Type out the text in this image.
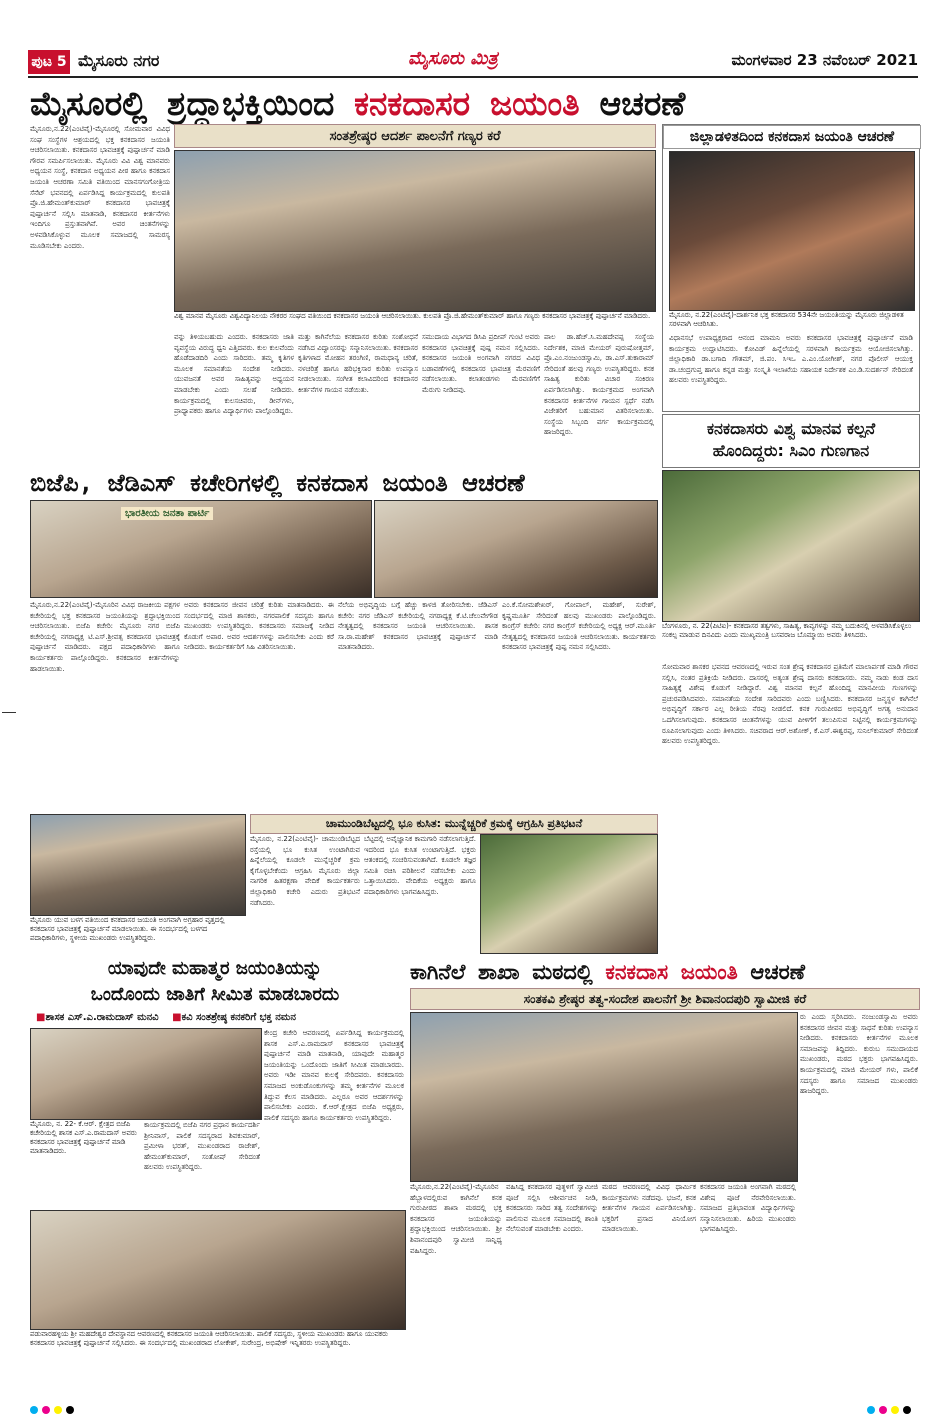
ಪುಟ 5 ಮೈಸೂರು ನಗರ	ಮೈಸೂರು ಮಿತ್ರ	ಮಂಗಳವಾರ 23 ನವೆಂಬರ್ 2021
ಮೈಸೂರಲ್ಲಿ ಶ್ರದ್ಧಾಭಕ್ತಿಯಿಂದ ಕನಕದಾಸರ ಜಯಂತಿ ಆಚರಣೆ
ಮೈಸೂರು,ನ.22(ಎಂಟಿವೈ)-ಮೈಸೂರಲ್ಲಿ ಸೋಮವಾರ ವಿವಿಧ ಸಂಘ ಸಂಸ್ಥೆಗಳ ಆಶ್ರಯದಲ್ಲಿ ಭಕ್ತ ಕನಕದಾಸರ ಜಯಂತಿ ಆಚರಿಸಲಾಯಿತು. ಕನಕದಾಸರ ಭಾವಚಿತ್ರಕ್ಕೆ ಪುಷ್ಪಾರ್ಚನೆ ಮಾಡಿ ಗೌರವ ಸಮರ್ಪಿಸಲಾಯಿತು. ಮೈಸೂರು ವಿವಿ ವಿಶ್ವ ಮಾನವರು ಅಧ್ಯಯನ ಸಂಸ್ಥೆ, ಕನಕದಾಸ ಅಧ್ಯಯನ ಪೀಠ ಹಾಗೂ ಕನಕದಾಸ ಜಯಂತಿ ಆಚರಣಾ ಸಮಿತಿ ವತಿಯಿಂದ ಮಾನಸಗಂಗೋತ್ರಿಯ ಸೆನೆಟ್ ಭವನದಲ್ಲಿ ಏರ್ಪಡಿಸಿದ್ದ ಕಾರ್ಯಕ್ರಮದಲ್ಲಿ ಕುಲಪತಿ ಪ್ರೊ.ಜಿ.ಹೇಮಂತ್‌ಕುಮಾರ್ ಕನಕದಾಸರ ಭಾವಚಿತ್ರಕ್ಕೆ ಪುಷ್ಪಾರ್ಚನೆ ಸಲ್ಲಿಸಿ ಮಾತನಾಡಿ, ಕನಕದಾಸರ ಕೀರ್ತನೆಗಳು ಇಂದಿಗೂ ಪ್ರಸ್ತುತವಾಗಿವೆ. ಅವರ ಚಿಂತನೆಗಳನ್ನು ಅಳವಡಿಸಿಕೊಳ್ಳುವ ಮೂಲಕ ಸಮಾಜದಲ್ಲಿ ಸಾಮರಸ್ಯ ಮೂಡಿಸಬೇಕು ಎಂದರು.
ಸಂತಶ್ರೇಷ್ಠರ ಆದರ್ಶ ಪಾಲನೆಗೆ ಗಣ್ಯರ ಕರೆ
ವಿಶ್ವ ಮಾನವ ಮೈಸೂರು ವಿಶ್ವವಿದ್ಯಾನಿಲಯ ನೌಕರರ ಸಂಘದ ವತಿಯಿಂದ ಕನಕದಾಸರ ಜಯಂತಿ ಆಚರಿಸಲಾಯಿತು. ಕುಲಪತಿ ಪ್ರೊ.ಜಿ.ಹೇಮಂತ್‌ಕುಮಾರ್ ಹಾಗೂ ಗಣ್ಯರು ಕನಕದಾಸರ ಭಾವಚಿತ್ರಕ್ಕೆ ಪುಷ್ಪಾರ್ಚನೆ ಮಾಡಿದರು.
ವನ್ನು ತಿಳಿಯಬಹುದು ಎಂದರು. ಕನಕದಾಸರು ಜಾತಿ ವ್ಯವಸ್ಥೆಯ ವಿರುದ್ಧ ಧ್ವನಿ ಎತ್ತಿದವರು. ಕುಲ ಕುಲವೆಂದು ಹೊಡೆದಾಡದಿರಿ ಎಂದು ಸಾರಿದರು. ತಮ್ಮ ಕೃತಿಗಳ ಮೂಲಕ ಸಮಾನತೆಯ ಸಂದೇಶ ನೀಡಿದರು. ಯುವಜನತೆ ಅವರ ಸಾಹಿತ್ಯವನ್ನು ಅಧ್ಯಯನ ಮಾಡಬೇಕು ಎಂದು ಸಲಹೆ ನೀಡಿದರು. ಕಾರ್ಯಕ್ರಮದಲ್ಲಿ ಕುಲಸಚಿವರು, ಡೀನ್‌ಗಳು, ಪ್ರಾಧ್ಯಾಪಕರು ಹಾಗೂ ವಿದ್ಯಾರ್ಥಿಗಳು ಪಾಲ್ಗೊಂಡಿದ್ದರು.
ಮತ್ತು ಕಾಗಿನೆಲೆಯ ಕನಕದಾಸರ ಕುರಿತು ಸಂಶೋಧನೆ ನಡೆಸಿದ ವಿದ್ವಾಂಸರನ್ನು ಸನ್ಮಾನಿಸಲಾಯಿತು. ಕನಕದಾಸರ ಕೃತಿಗಳಾದ ಮೋಹನ ತರಂಗಿಣಿ, ರಾಮಧಾನ್ಯ ಚರಿತೆ, ನಳಚರಿತ್ರೆ ಹಾಗೂ ಹರಿಭಕ್ತಿಸಾರ ಕುರಿತು ಉಪನ್ಯಾಸ ನೀಡಲಾಯಿತು. ಸಂಗೀತ ಕಲಾವಿದರಿಂದ ಕನಕದಾಸರ ಕೀರ್ತನೆಗಳ ಗಾಯನ ನಡೆಯಿತು.
ಸಮುದಾಯ ವಿಭಾಗದ ಡಿಸಿಪಿ ಪ್ರದೀಪ್ ಗುಂಟಿ ಅವರು ಕನಕದಾಸರ ಭಾವಚಿತ್ರಕ್ಕೆ ಪುಷ್ಪ ನಮನ ಸಲ್ಲಿಸಿದರು. ಕನಕದಾಸರ ಜಯಂತಿ ಅಂಗವಾಗಿ ನಗರದ ವಿವಿಧ ಬಡಾವಣೆಗಳಲ್ಲಿ ಕನಕದಾಸರ ಭಾವಚಿತ್ರ ಮೆರವಣಿಗೆ ನಡೆಸಲಾಯಿತು. ಕಲಾತಂಡಗಳು ಮೆರವಣಿಗೆಗೆ ಮೆರುಗು ನೀಡಿದವು.
ಪಾಲ ಡಾ.ಹೆಚ್.ಸಿ.ಮಹದೇವಪ್ಪ ಸಂಸ್ಥೆಯ ನಿರ್ದೇಶಕ, ಮಾಜಿ ಮೇಯರ್ ಪುರುಷೋತ್ತಮ್, ಪ್ರೊ.ಎಂ.ನಂಜುಂಡಸ್ವಾಮಿ, ಡಾ.ಎಸ್.ತುಕಾರಾಮ್ ಸೇರಿದಂತೆ ಹಲವು ಗಣ್ಯರು ಉಪಸ್ಥಿತರಿದ್ದರು. ಕನಕ ಸಾಹಿತ್ಯ ಕುರಿತು ವಿಚಾರ ಸಂಕಿರಣ ಏರ್ಪಡಿಸಲಾಗಿತ್ತು. ಕಾರ್ಯಕ್ರಮದ ಅಂಗವಾಗಿ ಕನಕದಾಸರ ಕೀರ್ತನೆಗಳ ಗಾಯನ ಸ್ಪರ್ಧೆ ನಡೆಸಿ ವಿಜೇತರಿಗೆ ಬಹುಮಾನ ವಿತರಿಸಲಾಯಿತು. ಸಂಸ್ಥೆಯ ಸಿಬ್ಬಂದಿ ವರ್ಗ ಕಾರ್ಯಕ್ರಮದಲ್ಲಿ ಹಾಜರಿದ್ದರು.
ಜಿಲ್ಲಾಡಳಿತದಿಂದ ಕನಕದಾಸ ಜಯಂತಿ ಆಚರಣೆ
ಮೈಸೂರು, ನ.22(ಎಂಟಿವೈ)-ದಾರ್ಶನಿಕ ಭಕ್ತ ಕನಕದಾಸರ 534ನೇ ಜಯಂತಿಯನ್ನು ಮೈಸೂರು ಜಿಲ್ಲಾಡಳಿತ ಸರಳವಾಗಿ ಆಚರಿಸಿತು.
ವಿಧಾನಸಭೆ ಉಪಾಧ್ಯಕ್ಷರಾದ ಆನಂದ ಮಾಮನಿ ಅವರು ಕನಕದಾಸರ ಭಾವಚಿತ್ರಕ್ಕೆ ಪುಷ್ಪಾರ್ಚನೆ ಮಾಡಿ ಕಾರ್ಯಕ್ರಮ ಉದ್ಘಾಟಿಸಿದರು. ಕೋವಿಡ್ ಹಿನ್ನೆಲೆಯಲ್ಲಿ ಸರಳವಾಗಿ ಕಾರ್ಯಕ್ರಮ ಆಯೋಜಿಸಲಾಗಿತ್ತು. ಜಿಲ್ಲಾಧಿಕಾರಿ ಡಾ.ಬಗಾದಿ ಗೌತಮ್, ಜಿ.ಪಂ. ಸಿಇಒ ಎ.ಎಂ.ಯೋಗೀಶ್, ನಗರ ಪೊಲೀಸ್ ಆಯುಕ್ತ ಡಾ.ಚಂದ್ರಗುಪ್ತ ಹಾಗೂ ಕನ್ನಡ ಮತ್ತು ಸಂಸ್ಕೃತಿ ಇಲಾಖೆಯ ಸಹಾಯಕ ನಿರ್ದೇಶಕ ಎಂ.ಡಿ.ಸುದರ್ಶನ್ ಸೇರಿದಂತೆ ಹಲವರು ಉಪಸ್ಥಿತರಿದ್ದರು.
ಕನಕದಾಸರು ವಿಶ್ವ ಮಾನವ ಕಲ್ಪನೆ
ಹೊಂದಿದ್ದರು: ಸಿಎಂ ಗುಣಗಾನ
ಬೆಂಗಳೂರು, ನ. 22(ಪಿಟಿಐ)- ಕನಕದಾಸರ ತತ್ವಗಳು, ಸಾಹಿತ್ಯ, ಕಾವ್ಯಗಳನ್ನು ನಮ್ಮ ಬದುಕಿನಲ್ಲಿ ಅಳವಡಿಸಿಕೊಳ್ಳಲು ಸಂಕಲ್ಪ ಮಾಡುವ ದಿನವಿದು ಎಂದು ಮುಖ್ಯಮಂತ್ರಿ ಬಸವರಾಜ ಬೊಮ್ಮಾಯಿ ಅವರು ತಿಳಿಸಿದರು.
ಸೋಮವಾರ ಶಾಸಕರ ಭವನದ ಆವರಣದಲ್ಲಿ ಇರುವ ಸಂತ ಶ್ರೇಷ್ಠ ಕನಕದಾಸರ ಪ್ರತಿಮೆಗೆ ಮಾಲಾರ್ಪಣೆ ಮಾಡಿ ಗೌರವ ಸಲ್ಲಿಸಿ, ನಂತರ ಪ್ರತಿಕ್ರಿಯೆ ನೀಡಿದರು. ದಾಸರಲ್ಲಿ ಅತ್ಯಂತ ಶ್ರೇಷ್ಠ ದಾಸರು ಕನಕದಾಸರು. ನಮ್ಮ ನಾಡು ಕಂಡ ದಾಸ ಸಾಹಿತ್ಯಕ್ಕೆ ವಿಶೇಷ ಕೊಡುಗೆ ನೀಡಿದ್ದಾರೆ. ವಿಶ್ವ ಮಾನವ ಕಲ್ಪನೆ ಹೊಂದಿದ್ದ ಮಾನವೀಯ ಗುಣಗಳನ್ನು ಪ್ರಚುರಪಡಿಸಿದವರು. ಸಮಾನತೆಯ ಸಂದೇಶ ಸಾರಿದವರು ಎಂದು ಬಣ್ಣಿಸಿದರು. ಕನಕದಾಸರ ಜನ್ಮಸ್ಥಳ ಕಾಗಿನೆಲೆ ಅಭಿವೃದ್ಧಿಗೆ ಸರ್ಕಾರ ಎಲ್ಲ ರೀತಿಯ ನೆರವು ನೀಡಲಿದೆ. ಕನಕ ಗುರುಪೀಠದ ಅಭಿವೃದ್ಧಿಗೆ ಅಗತ್ಯ ಅನುದಾನ ಒದಗಿಸಲಾಗುವುದು. ಕನಕದಾಸರ ಚಿಂತನೆಗಳನ್ನು ಯುವ ಪೀಳಿಗೆಗೆ ತಲುಪಿಸುವ ನಿಟ್ಟಿನಲ್ಲಿ ಕಾರ್ಯಕ್ರಮಗಳನ್ನು ರೂಪಿಸಲಾಗುವುದು ಎಂದು ತಿಳಿಸಿದರು. ಸಚಿವರಾದ ಆರ್.ಅಶೋಕ್, ಕೆ.ಎಸ್.ಈಶ್ವರಪ್ಪ, ಸುನಿಲ್‌ಕುಮಾರ್ ಸೇರಿದಂತೆ ಹಲವರು ಉಪಸ್ಥಿತರಿದ್ದರು.
ಬಿಜೆಪಿ, ಜೆಡಿಎಸ್ ಕಚೇರಿಗಳಲ್ಲಿ ಕನಕದಾಸ ಜಯಂತಿ ಆಚರಣೆ
ಭಾರತೀಯ ಜನತಾ ಪಾರ್ಟಿ
ಮೈಸೂರು,ನ.22(ಎಂಟಿವೈ)-ಮೈಸೂರಿನ ವಿವಿಧ ರಾಜಕೀಯ ಪಕ್ಷಗಳ ಕಚೇರಿಯಲ್ಲಿ ಭಕ್ತ ಕನಕದಾಸರ ಜಯಂತಿಯನ್ನು ಶ್ರದ್ಧಾಭಕ್ತಿಯಿಂದ ಆಚರಿಸಲಾಯಿತು. ಬಿಜೆಪಿ ಕಚೇರಿ: ಮೈಸೂರು ನಗರ ಬಿಜೆಪಿ ಕಚೇರಿಯಲ್ಲಿ ನಗರಾಧ್ಯಕ್ಷ ಟಿ.ಎಸ್.ಶ್ರೀವತ್ಸ ಕನಕದಾಸರ ಭಾವಚಿತ್ರಕ್ಕೆ ಪುಷ್ಪಾರ್ಚನೆ ಮಾಡಿದರು. ಪಕ್ಷದ ಪದಾಧಿಕಾರಿಗಳು ಹಾಗೂ ಕಾರ್ಯಕರ್ತರು ಪಾಲ್ಗೊಂಡಿದ್ದರು. ಕನಕದಾಸರ ಕೀರ್ತನೆಗಳನ್ನು ಹಾಡಲಾಯಿತು.
ಅವರು ಕನಕದಾಸರ ಜೀವನ ಚರಿತ್ರೆ ಕುರಿತು ಮಾತನಾಡಿದರು. ಈ ಸಂದರ್ಭದಲ್ಲಿ ಮಾಜಿ ಶಾಸಕರು, ನಗರಪಾಲಿಕೆ ಸದಸ್ಯರು ಹಾಗೂ ಮುಖಂಡರು ಉಪಸ್ಥಿತರಿದ್ದರು. ಕನಕದಾಸರು ಸಮಾಜಕ್ಕೆ ನೀಡಿದ ಕೊಡುಗೆ ಅಪಾರ. ಅವರ ಆದರ್ಶಗಳನ್ನು ಪಾಲಿಸಬೇಕು ಎಂದು ಕರೆ ನೀಡಿದರು. ಕಾರ್ಯಕರ್ತರಿಗೆ ಸಿಹಿ ವಿತರಿಸಲಾಯಿತು.
ನೆಲೆಯ ಅಭಿವೃದ್ಧಿಯ ಬಗ್ಗೆ ಹೆಚ್ಚು ಕಾಳಜಿ ತೋರಿಸಬೇಕು. ಜೆಡಿಎಸ್ ಕಚೇರಿ: ನಗರ ಜೆಡಿಎಸ್ ಕಚೇರಿಯಲ್ಲಿ ನಗರಾಧ್ಯಕ್ಷ ಕೆ.ಟಿ.ಚೆಲುವೇಗೌಡ ನೇತೃತ್ವದಲ್ಲಿ ಕನಕದಾಸರ ಜಯಂತಿ ಆಚರಿಸಲಾಯಿತು. ಶಾಸಕ ಸಾ.ರಾ.ಮಹೇಶ್ ಕನಕದಾಸರ ಭಾವಚಿತ್ರಕ್ಕೆ ಪುಷ್ಪಾರ್ಚನೆ ಮಾಡಿ ಮಾತನಾಡಿದರು.
ಎಂ.ಕೆ.ಸೋಮಶೇಖರ್, ಗೋಪಾಲ್, ಮಹೇಶ್, ಸುರೇಶ್, ಕೃಷ್ಣಮೂರ್ತಿ ಸೇರಿದಂತೆ ಹಲವು ಮುಖಂಡರು ಪಾಲ್ಗೊಂಡಿದ್ದರು. ಕಾಂಗ್ರೆಸ್ ಕಚೇರಿ: ನಗರ ಕಾಂಗ್ರೆಸ್ ಕಚೇರಿಯಲ್ಲಿ ಅಧ್ಯಕ್ಷ ಆರ್.ಮೂರ್ತಿ ನೇತೃತ್ವದಲ್ಲಿ ಕನಕದಾಸರ ಜಯಂತಿ ಆಚರಿಸಲಾಯಿತು. ಕಾರ್ಯಕರ್ತರು ಕನಕದಾಸರ ಭಾವಚಿತ್ರಕ್ಕೆ ಪುಷ್ಪ ನಮನ ಸಲ್ಲಿಸಿದರು.
ಮೈಸೂರು ಯುವ ಬಳಗ ವತಿಯಿಂದ ಕನಕದಾಸರ ಜಯಂತಿ ಅಂಗವಾಗಿ ಅಗ್ರಹಾರ ವೃತ್ತದಲ್ಲಿ ಕನಕದಾಸರ ಭಾವಚಿತ್ರಕ್ಕೆ ಪುಷ್ಪಾರ್ಚನೆ ಮಾಡಲಾಯಿತು. ಈ ಸಂದರ್ಭದಲ್ಲಿ ಬಳಗದ ಪದಾಧಿಕಾರಿಗಳು, ಸ್ಥಳೀಯ ಮುಖಂಡರು ಉಪಸ್ಥಿತರಿದ್ದರು.
ಚಾಮುಂಡಿಬೆಟ್ಟದಲ್ಲಿ ಭೂ ಕುಸಿತ: ಮುನ್ನೆಚ್ಚರಿಕೆ ಕ್ರಮಕ್ಕೆ ಆಗ್ರಹಿಸಿ ಪ್ರತಿಭಟನೆ
ಮೈಸೂರು, ನ.22(ಎಂಟಿವೈ)- ಚಾಮುಂಡಿಬೆಟ್ಟದ ರಸ್ತೆಯಲ್ಲಿ ಭೂ ಕುಸಿತ ಉಂಟಾಗಿರುವ ಹಿನ್ನೆಲೆಯಲ್ಲಿ ಕೂಡಲೇ ಮುನ್ನೆಚ್ಚರಿಕೆ ಕ್ರಮ ಕೈಗೊಳ್ಳಬೇಕೆಂದು ಆಗ್ರಹಿಸಿ ಮೈಸೂರು ಜಿಲ್ಲಾ ನಾಗರಿಕ ಹಿತರಕ್ಷಣಾ ವೇದಿಕೆ ಕಾರ್ಯಕರ್ತರು ಜಿಲ್ಲಾಧಿಕಾರಿ ಕಚೇರಿ ಎದುರು ಪ್ರತಿಭಟನೆ ನಡೆಸಿದರು.
ಬೆಟ್ಟದಲ್ಲಿ ಅವೈಜ್ಞಾನಿಕ ಕಾಮಗಾರಿ ನಡೆಸಲಾಗುತ್ತಿದೆ. ಇದರಿಂದ ಭೂ ಕುಸಿತ ಉಂಟಾಗುತ್ತಿದೆ. ಭಕ್ತರು ಆತಂಕದಲ್ಲಿ ಸಂಚರಿಸುವಂತಾಗಿದೆ. ಕೂಡಲೇ ತಜ್ಞರ ಸಮಿತಿ ರಚಿಸಿ ಪರಿಶೀಲನೆ ನಡೆಸಬೇಕು ಎಂದು ಒತ್ತಾಯಿಸಿದರು. ವೇದಿಕೆಯ ಅಧ್ಯಕ್ಷರು ಹಾಗೂ ಪದಾಧಿಕಾರಿಗಳು ಭಾಗವಹಿಸಿದ್ದರು.
ಯಾವುದೇ ಮಹಾತ್ಮರ ಜಯಂತಿಯನ್ನು
ಒಂದೊಂದು ಜಾತಿಗೆ ಸೀಮಿತ ಮಾಡಬಾರದು
■ಶಾಸಕ ಎಸ್.ಎ.ರಾಮದಾಸ್ ಮನವಿ ■ಕವಿ ಸಂತಶ್ರೇಷ್ಠ ಕನಕರಿಗೆ ಭಕ್ತ ನಮನ
ಕೇಂದ್ರ ಕಚೇರಿ ಆವರಣದಲ್ಲಿ ಏರ್ಪಡಿಸಿದ್ದ ಕಾರ್ಯಕ್ರಮದಲ್ಲಿ ಶಾಸಕ ಎಸ್.ಎ.ರಾಮದಾಸ್ ಕನಕದಾಸರ ಭಾವಚಿತ್ರಕ್ಕೆ ಪುಷ್ಪಾರ್ಚನೆ ಮಾಡಿ ಮಾತನಾಡಿ, ಯಾವುದೇ ಮಹಾತ್ಮರ ಜಯಂತಿಯನ್ನು ಒಂದೊಂದು ಜಾತಿಗೆ ಸೀಮಿತ ಮಾಡಬಾರದು. ಅವರು ಇಡೀ ಮಾನವ ಕುಲಕ್ಕೆ ಸೇರಿದವರು. ಕನಕದಾಸರು ಸಮಾಜದ ಅಂಕುಡೊಂಕುಗಳನ್ನು ತಮ್ಮ ಕೀರ್ತನೆಗಳ ಮೂಲಕ ತಿದ್ದುವ ಕೆಲಸ ಮಾಡಿದರು. ಎಲ್ಲರೂ ಅವರ ಆದರ್ಶಗಳನ್ನು ಪಾಲಿಸಬೇಕು ಎಂದರು. ಕೆ.ಆರ್.ಕ್ಷೇತ್ರದ ಬಿಜೆಪಿ ಅಧ್ಯಕ್ಷರು, ಪಾಲಿಕೆ ಸದಸ್ಯರು ಹಾಗೂ ಕಾರ್ಯಕರ್ತರು ಉಪಸ್ಥಿತರಿದ್ದರು.
ಮೈಸೂರು, ನ. 22- ಕೆ.ಆರ್. ಕ್ಷೇತ್ರದ ಬಿಜೆಪಿ ಕಚೇರಿಯಲ್ಲಿ ಶಾಸಕ ಎಸ್.ಎ.ರಾಮದಾಸ್ ಅವರು ಕನಕದಾಸರ ಭಾವಚಿತ್ರಕ್ಕೆ ಪುಷ್ಪಾರ್ಚನೆ ಮಾಡಿ ಮಾತನಾಡಿದರು.
ಕಾರ್ಯಕ್ರಮದಲ್ಲಿ ಬಿಜೆಪಿ ನಗರ ಪ್ರಧಾನ ಕಾರ್ಯದರ್ಶಿ ಶ್ರೀನಿವಾಸ್, ಪಾಲಿಕೆ ಸದಸ್ಯರಾದ ಶಿವಕುಮಾರ್, ಪ್ರಮೀಳಾ ಭರತ್, ಮುಖಂಡರಾದ ರಾಜೇಶ್, ಹೇಮಂತ್‌ಕುಮಾರ್, ಸಂತೋಷ್ ಸೇರಿದಂತೆ ಹಲವರು ಉಪಸ್ಥಿತರಿದ್ದರು.
ಕಾಗಿನೆಲೆ ಶಾಖಾ ಮಠದಲ್ಲಿ ಕನಕದಾಸ ಜಯಂತಿ ಆಚರಣೆ
ಸಂತಕವಿ ಶ್ರೇಷ್ಠರ ತತ್ವ-ಸಂದೇಶ ಪಾಲನೆಗೆ ಶ್ರೀ ಶಿವಾನಂದಪುರಿ ಸ್ವಾಮೀಜಿ ಕರೆ
ರು ಎಂದು ಸ್ಮರಿಸಿದರು. ನಂಜುಂಡಸ್ವಾಮಿ ಅವರು ಕನಕದಾಸರ ಜೀವನ ಮತ್ತು ಸಾಧನೆ ಕುರಿತು ಉಪನ್ಯಾಸ ನೀಡಿದರು. ಕನಕದಾಸರು ಕೀರ್ತನೆಗಳ ಮೂಲಕ ಸಮಾಜವನ್ನು ತಿದ್ದಿದರು. ಕುರುಬ ಸಮುದಾಯದ ಮುಖಂಡರು, ಮಠದ ಭಕ್ತರು ಭಾಗವಹಿಸಿದ್ದರು. ಕಾರ್ಯಕ್ರಮದಲ್ಲಿ ಮಾಜಿ ಮೇಯರ್ ಗಳು, ಪಾಲಿಕೆ ಸದಸ್ಯರು ಹಾಗೂ ಸಮಾಜದ ಮುಖಂಡರು ಹಾಜರಿದ್ದರು.
ಮೈಸೂರು,ನ.22(ಎಂಟಿವೈ)-ಮೈಸೂರಿನ ಹೆಬ್ಬಾಳದಲ್ಲಿರುವ ಕಾಗಿನೆಲೆ ಕನಕ ಗುರುಪೀಠದ ಶಾಖಾ ಮಠದಲ್ಲಿ ಭಕ್ತ ಕನಕದಾಸರ ಜಯಂತಿಯನ್ನು ಶ್ರದ್ಧಾಭಕ್ತಿಯಿಂದ ಆಚರಿಸಲಾಯಿತು. ಶ್ರೀ ಶಿವಾನಂದಪುರಿ ಸ್ವಾಮೀಜಿ ಸಾನ್ನಿಧ್ಯ ವಹಿಸಿದ್ದರು.
ವಹಿಸಿದ್ದ ಕನಕದಾಸರ ಪುತ್ಥಳಿಗೆ ಸ್ವಾಮೀಜಿ ಪೂಜೆ ಸಲ್ಲಿಸಿ ಆಶೀರ್ವಚನ ನೀಡಿ, ಕನಕದಾಸರು ಸಾರಿದ ತತ್ವ ಸಂದೇಶಗಳನ್ನು ಪಾಲಿಸುವ ಮೂಲಕ ಸಮಾಜದಲ್ಲಿ ಶಾಂತಿ ನೆಲೆಸುವಂತೆ ಮಾಡಬೇಕು ಎಂದರು.
ಮಠದ ಆವರಣದಲ್ಲಿ ವಿವಿಧ ಧಾರ್ಮಿಕ ಕಾರ್ಯಕ್ರಮಗಳು ನಡೆದವು. ಭಜನೆ, ಕನಕ ಕೀರ್ತನೆಗಳ ಗಾಯನ ಏರ್ಪಡಿಸಲಾಗಿತ್ತು. ಭಕ್ತರಿಗೆ ಪ್ರಸಾದ ವಿನಿಯೋಗ ಮಾಡಲಾಯಿತು.
ಕನಕದಾಸರ ಜಯಂತಿ ಅಂಗವಾಗಿ ಮಠದಲ್ಲಿ ವಿಶೇಷ ಪೂಜೆ ನೆರವೇರಿಸಲಾಯಿತು. ಸಮಾಜದ ಪ್ರತಿಭಾವಂತ ವಿದ್ಯಾರ್ಥಿಗಳನ್ನು ಸನ್ಮಾನಿಸಲಾಯಿತು. ಹಿರಿಯ ಮುಖಂಡರು ಭಾಗವಹಿಸಿದ್ದರು.
ಪಡುವಾರಹಳ್ಳಿಯ ಶ್ರೀ ಮಹದೇಶ್ವರ ದೇವಸ್ಥಾನದ ಆವರಣದಲ್ಲಿ ಕನಕದಾಸರ ಜಯಂತಿ ಆಚರಿಸಲಾಯಿತು. ಪಾಲಿಕೆ ಸದಸ್ಯರು, ಸ್ಥಳೀಯ ಮುಖಂಡರು ಹಾಗೂ ಯುವಕರು ಕನಕದಾಸರ ಭಾವಚಿತ್ರಕ್ಕೆ ಪುಷ್ಪಾರ್ಚನೆ ಸಲ್ಲಿಸಿದರು. ಈ ಸಂದರ್ಭದಲ್ಲಿ ಮುಖಂಡರಾದ ಲೋಕೇಶ್, ಸುರೇಂದ್ರ, ಅಭಿಷೇಕ್ ಇನ್ನಿತರರು ಉಪಸ್ಥಿತರಿದ್ದರು.
